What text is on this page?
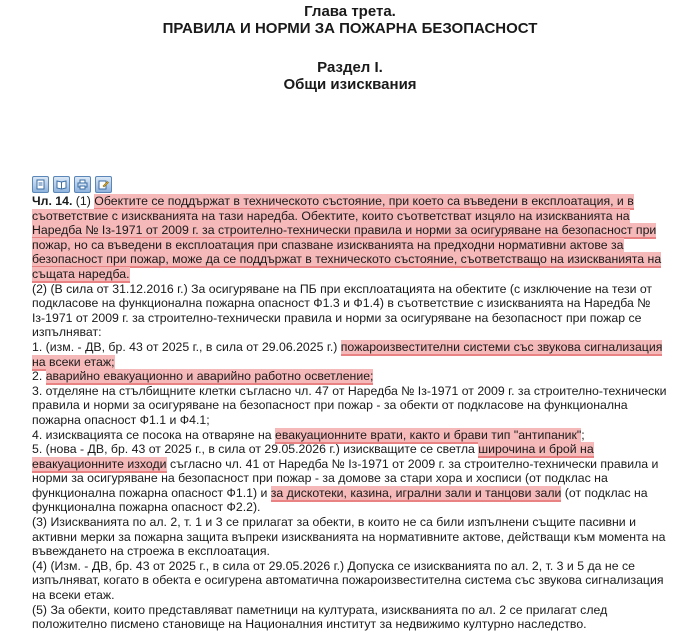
Глава трета.
ПРАВИЛА И НОРМИ ЗА ПОЖАРНА БЕЗОПАСНОСТ
Раздел I.
Общи изисквания

Чл. 14. (1) Обектите се поддържат в техническото състояние, при което са въведени в експлоатация, и в съответствие с изискванията на тази наредба. Обектите, които съответстват изцяло на изискванията на Наредба № Із-1971 от 2009 г. за строително-технически правила и норми за осигуряване на безопасност при пожар, но са въведени в експлоатация при спазване изискванията на предходни нормативни актове за безопасност при пожар, може да се поддържат в техническото състояние, съответстващо на изискванията на същата наредба.

(2) (В сила от 31.12.2016 г.) За осигуряване на ПБ при експлоатацията на обектите (с изключение на тези от подкласове на функционална пожарна опасност Ф1.3 и Ф1.4) в съответствие с изискванията на Наредба № Із-1971 от 2009 г. за строително-технически правила и норми за осигуряване на безопасност при пожар се изпълняват:

1. (изм. - ДВ, бр. 43 от 2025 г., в сила от 29.06.2025 г.) пожароизвестителни системи със звукова сигнализация на всеки етаж;

2. аварийно евакуационно и аварийно работно осветление;

3. отделяне на стълбищните клетки съгласно чл. 47 от Наредба № Із-1971 от 2009 г. за строително-технически правила и норми за осигуряване на безопасност при пожар - за обекти от подкласове на функционална пожарна опасност Ф1.1 и Ф4.1;

4. изисквацията се посока на отваряне на евакуационните врати, както и брави тип "антипаник";

5. (нова - ДВ, бр. 43 от 2025 г., в сила от 29.05.2026 г.) изискващите се светла широчина и брой на евакуационните изходи съгласно чл. 41 от Наредба № Із-1971 от 2009 г. за строително-технически правила и норми за осигуряване на безопасност при пожар - за домове за стари хора и хосписи (от подклас на функционална пожарна опасност Ф1.1) и за дискотеки, казина, игрални зали и танцови зали (от подклас на функционална пожарна опасност Ф2.2).

(3) Изискванията по ал. 2, т. 1 и 3 се прилагат за обекти, в които не са били изпълнени същите пасивни и активни мерки за пожарна защита въпреки изискванията на нормативните актове, действащи към момента на въвеждането на строежа в експлоатация.

(4) (Изм. - ДВ, бр. 43 от 2025 г., в сила от 29.05.2026 г.) Допуска се изискванията по ал. 2, т. 3 и 5 да не се изпълняват, когато в обекта е осигурена автоматична пожароизвестителна система със звукова сигнализация на всеки етаж.

(5) За обекти, които представляват паметници на културата, изискванията по ал. 2 се прилагат след положително писмено становище на Националния институт за недвижимо културно наследство.
